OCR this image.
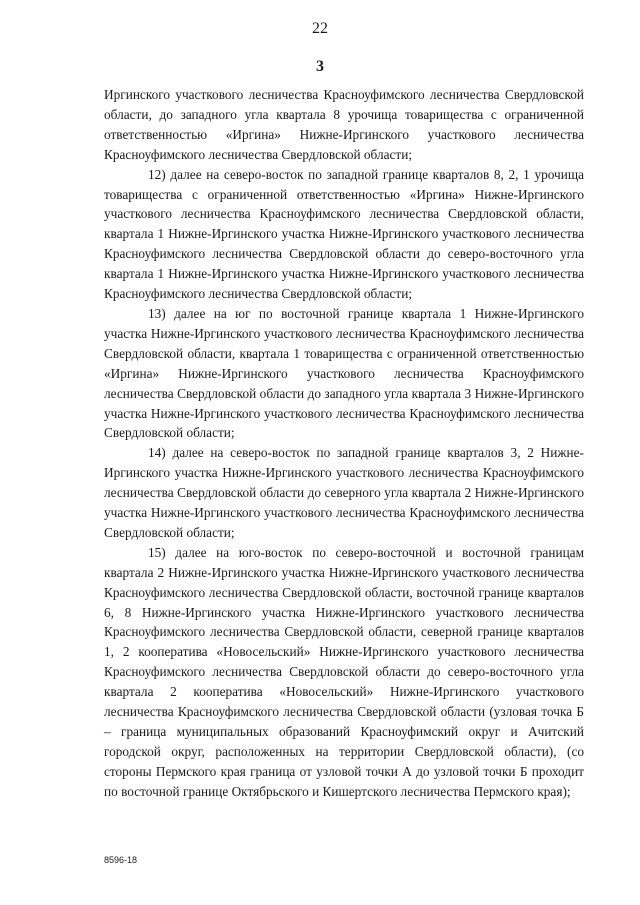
22
3

Иргинского участкового лесничества Красноуфимского лесничества Свердловской области, до западного угла квартала 8 урочища товарищества с ограниченной ответственностью «Иргина» Нижне-Иргинского участкового лесничества Красноуфимского лесничества Свердловской области;

12) далее на северо-восток по западной границе кварталов 8, 2, 1 урочища товарищества с ограниченной ответственностью «Иргина» Нижне-Иргинского участкового лесничества Красноуфимского лесничества Свердловской области, квартала 1 Нижне-Иргинского участка Нижне-Иргинского участкового лесничества Красноуфимского лесничества Свердловской области до северо-восточного угла квартала 1 Нижне-Иргинского участка Нижне-Иргинского участкового лесничества Красноуфимского лесничества Свердловской области;

13) далее на юг по восточной границе квартала 1 Нижне-Иргинского участка Нижне-Иргинского участкового лесничества Красноуфимского лесничества Свердловской области, квартала 1 товарищества с ограниченной ответственностью «Иргина» Нижне-Иргинского участкового лесничества Красноуфимского лесничества Свердловской области до западного угла квартала 3 Нижне-Иргинского участка Нижне-Иргинского участкового лесничества Красноуфимского лесничества Свердловской области;

14) далее на северо-восток по западной границе кварталов 3, 2 Нижне-Иргинского участка Нижне-Иргинского участкового лесничества Красноуфимского лесничества Свердловской области до северного угла квартала 2 Нижне-Иргинского участка Нижне-Иргинского участкового лесничества Красноуфимского лесничества Свердловской области;

15) далее на юго-восток по северо-восточной и восточной границам квартала 2 Нижне-Иргинского участка Нижне-Иргинского участкового лесничества Красноуфимского лесничества Свердловской области, восточной границе кварталов 6, 8 Нижне-Иргинского участка Нижне-Иргинского участкового лесничества Красноуфимского лесничества Свердловской области, северной границе кварталов 1, 2 кооператива «Новосельский» Нижне-Иргинского участкового лесничества Красноуфимского лесничества Свердловской области до северо-восточного угла квартала 2 кооператива «Новосельский» Нижне-Иргинского участкового лесничества Красноуфимского лесничества Свердловской области (узловая точка Б – граница муниципальных образований Красноуфимский округ и Ачитский городской округ, расположенных на территории Свердловской области), (со стороны Пермского края граница от узловой точки А до узловой точки Б проходит по восточной границе Октябрьского и Кишертского лесничества Пермского края);

8596-18
